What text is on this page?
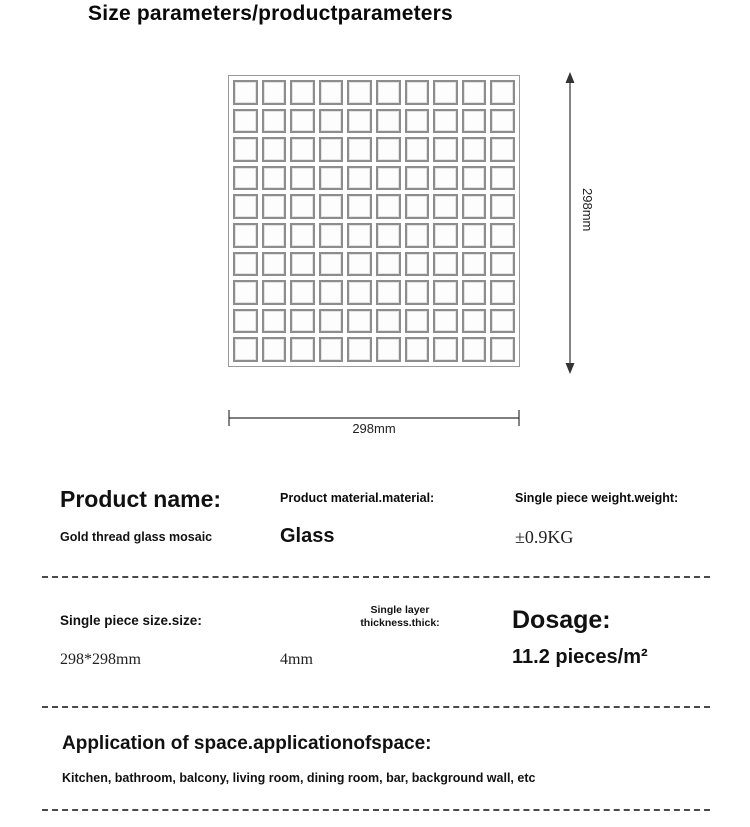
Size parameters/productparameters
298mm
298mm
Product name:
Gold thread glass mosaic
Product material.material:
Glass
Single piece weight.weight:
±0.9KG
Single piece size.size:
298*298mm
Single layer
thickness.thick:
4mm
Dosage:
11.2 pieces/m²
Application of space.applicationofspace:
Kitchen, bathroom, balcony, living room, dining room, bar, background wall, etc
